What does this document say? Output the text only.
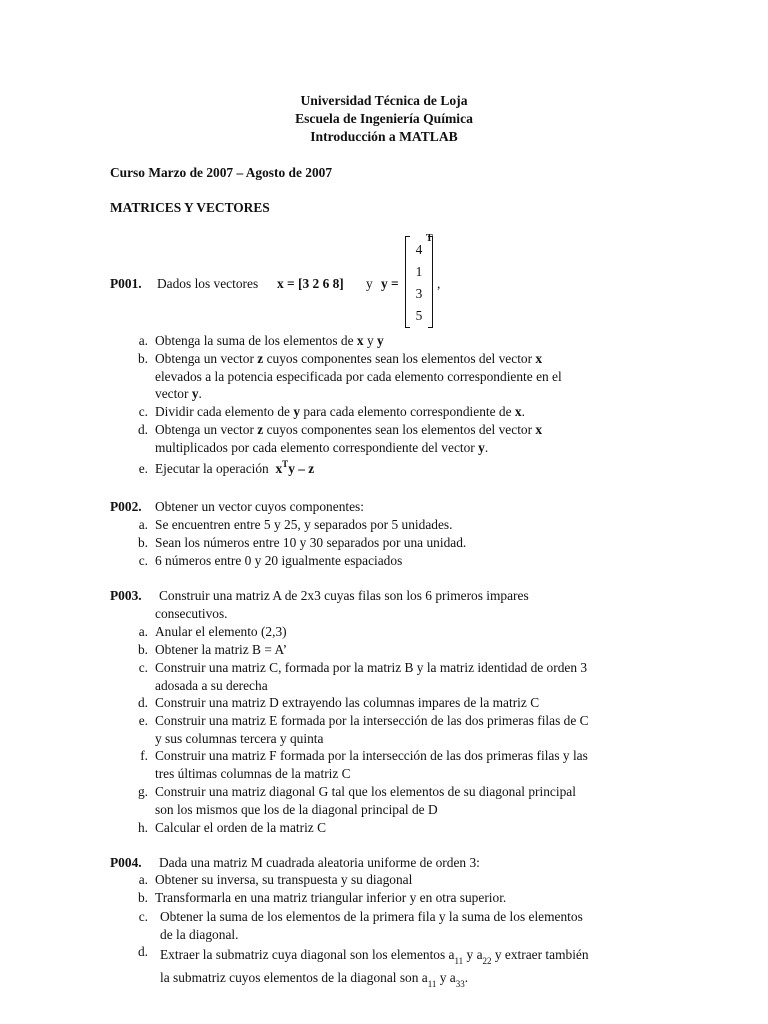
Universidad Técnica de Loja
Escuela de Ingeniería Química
Introducción a MATLAB
Curso Marzo de 2007 – Agosto de 2007
MATRICES Y VECTORES
P001. Dados los vectores x = [3 2 6 8] y y =
4
1
3
5
T
,
a. Obtenga la suma de los elementos de x y y
b. Obtenga un vector z cuyos componentes sean los elementos del vector x
elevados a la potencia especificada por cada elemento correspondiente en el
vector y.
c. Dividir cada elemento de y para cada elemento correspondiente de x.
d. Obtenga un vector z cuyos componentes sean los elementos del vector x
multiplicados por cada elemento correspondiente del vector y.
e. Ejecutar la operación $x^Ty$ – z
P002. Obtener un vector cuyos componentes:
a. Se encuentren entre 5 y 25, y separados por 5 unidades.
b. Sean los números entre 10 y 30 separados por una unidad.
c. 6 números entre 0 y 20 igualmente espaciados
P003. Construir una matriz A de 2x3 cuyas filas son los 6 primeros impares
consecutivos.
a. Anular el elemento (2,3)
b. Obtener la matriz B = A’
c. Construir una matriz C, formada por la matriz B y la matriz identidad de orden 3
adosada a su derecha
d. Construir una matriz D extrayendo las columnas impares de la matriz C
e. Construir una matriz E formada por la intersección de las dos primeras filas de C
y sus columnas tercera y quinta
f. Construir una matriz F formada por la intersección de las dos primeras filas y las
tres últimas columnas de la matriz C
g. Construir una matriz diagonal G tal que los elementos de su diagonal principal
son los mismos que los de la diagonal principal de D
h. Calcular el orden de la matriz C
P004. Dada una matriz M cuadrada aleatoria uniforme de orden 3:
a. Obtener su inversa, su transpuesta y su diagonal
b. Transformarla en una matriz triangular inferior y en otra superior.
c. Obtener la suma de los elementos de la primera fila y la suma de los elementos
de la diagonal.
d. Extraer la submatriz cuya diagonal son los elementos $a_{11}$ y $a_{22}$ y extraer también
la submatriz cuyos elementos de la diagonal son $a_{11}$ y $a_{33}$.
